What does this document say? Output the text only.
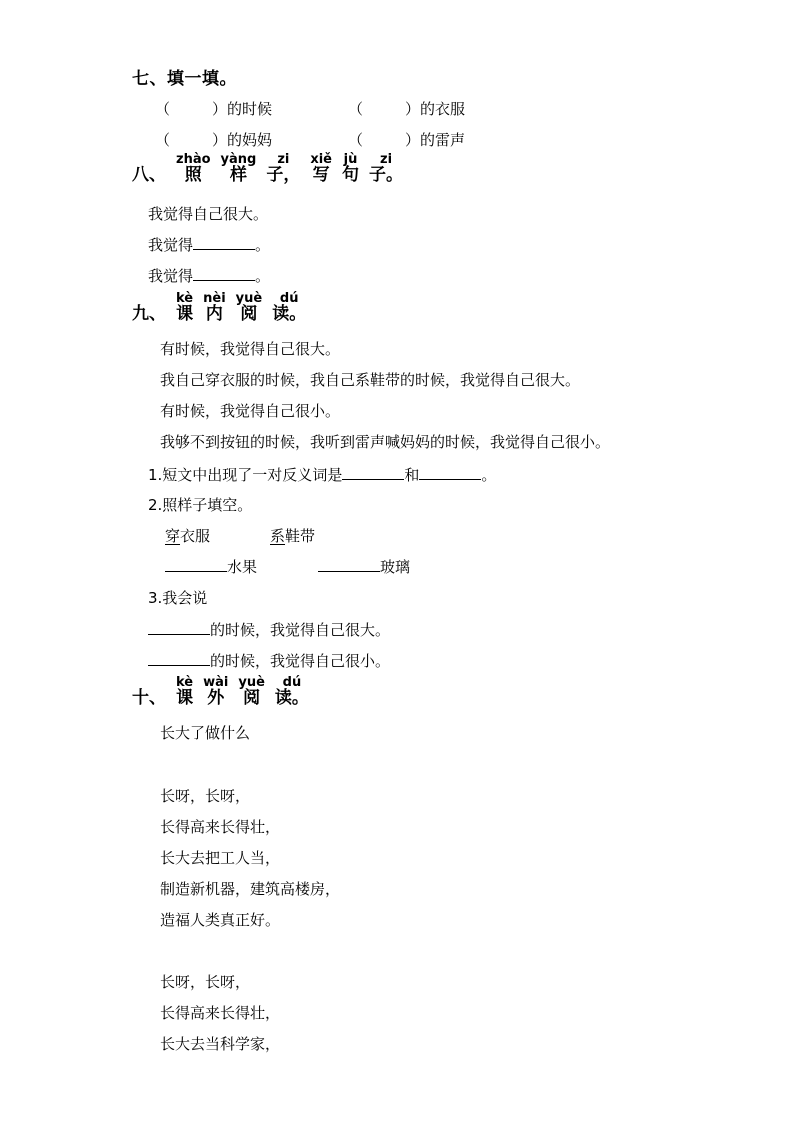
七、填一填。
（	）的时候	（	）的衣服
（	）的妈妈	（	）的雷声

八、
zhào
照
yàng
样
zi
子，
xiě
写
jù
句
zi
子。
我觉得自己很大。
我觉得	。
我觉得	。

九、
kè
课
nèi
内
yuè
阅
dú
读。
有时候，我觉得自己很大。
我自己穿衣服的时候，我自己系鞋带的时候，我觉得自己很大。
有时候，我觉得自己很小。
我够不到按钮的时候，我听到雷声喊妈妈的时候，我觉得自己很小。
1.短文中出现了一对反义词是	和	。
2.照样子填空。
穿衣服	系鞋带
水果	玻璃
3.我会说
的时候，我觉得自己很大。
的时候，我觉得自己很小。

十、
kè
课
wài
外
yuè
阅
dú
读。
长大了做什么
长呀，长呀，
长得高来长得壮，
长大去把工人当，
制造新机器，建筑高楼房，
造福人类真正好。
长呀，长呀，
长得高来长得壮，
长大去当科学家，
